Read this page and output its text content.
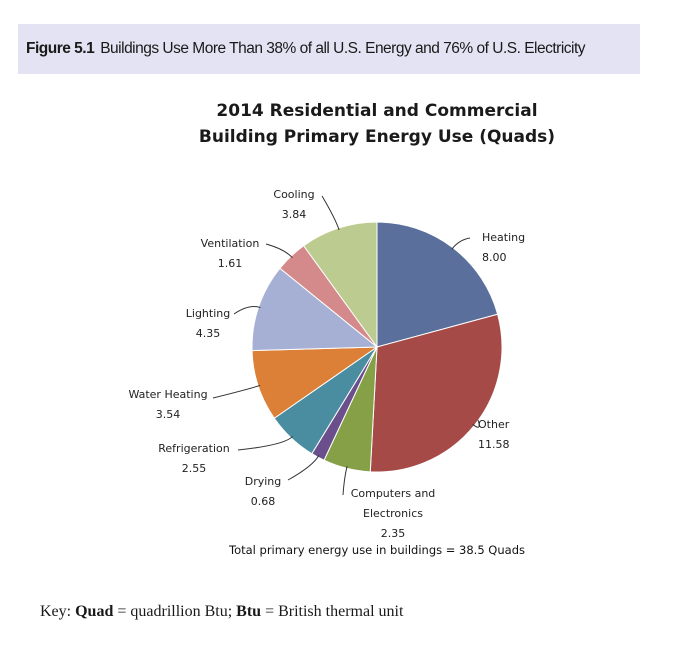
Figure 5.1 Buildings Use More Than 38% of all U.S. Energy and 76% of U.S. Electricity
2014 Residential and Commercial
Building Primary Energy Use (Quads)
Heating
8.00
Other
11.58
Computers and
Electronics
2.35
Drying
0.68
Refrigeration
2.55
Water Heating
3.54
Lighting
4.35
Ventilation
1.61
Cooling
3.84
Total primary energy use in buildings = 38.5 Quads
Key: Quad = quadrillion Btu; Btu = British thermal unit
